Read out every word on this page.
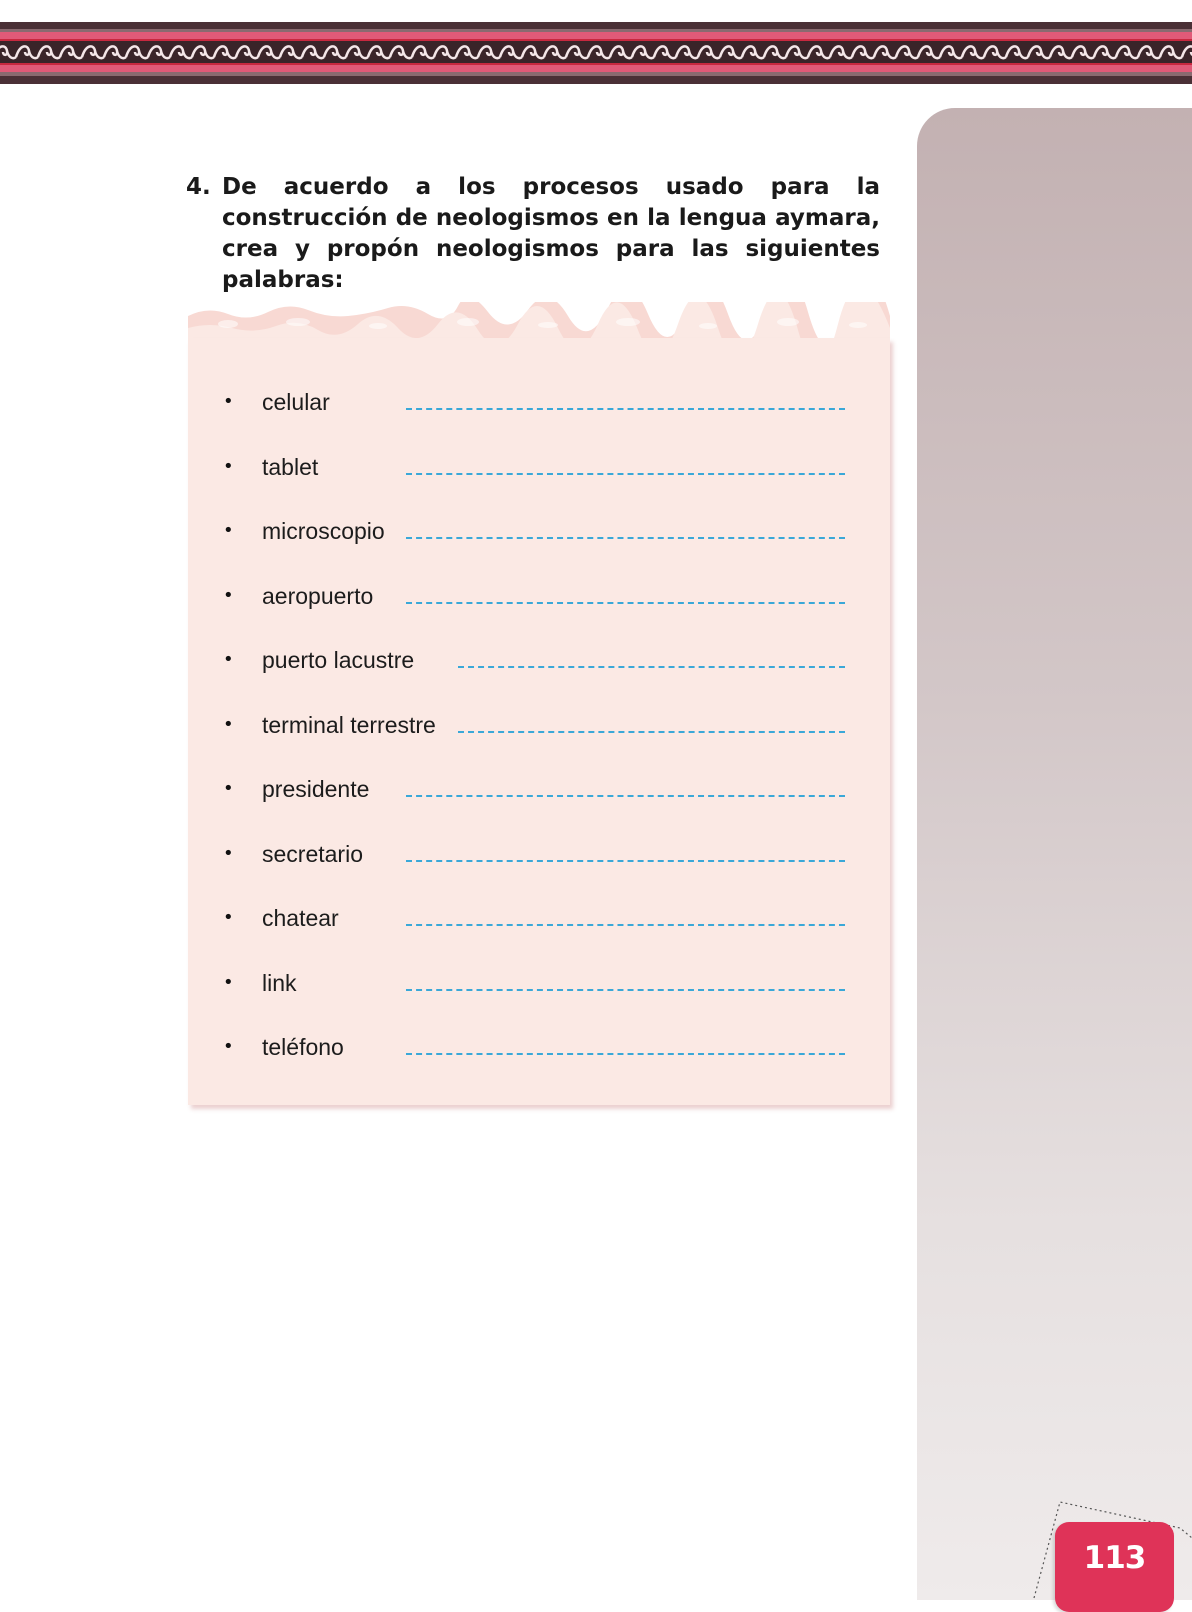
4. De acuerdo a los procesos usado para la construcción de neologismos en la lengua aymara, crea y propón neologismos para las siguientes palabras:
• celular
• tablet
• microscopio
• aeropuerto
• puerto lacustre
• terminal terrestre
• presidente
• secretario
• chatear
• link
• teléfono
113
